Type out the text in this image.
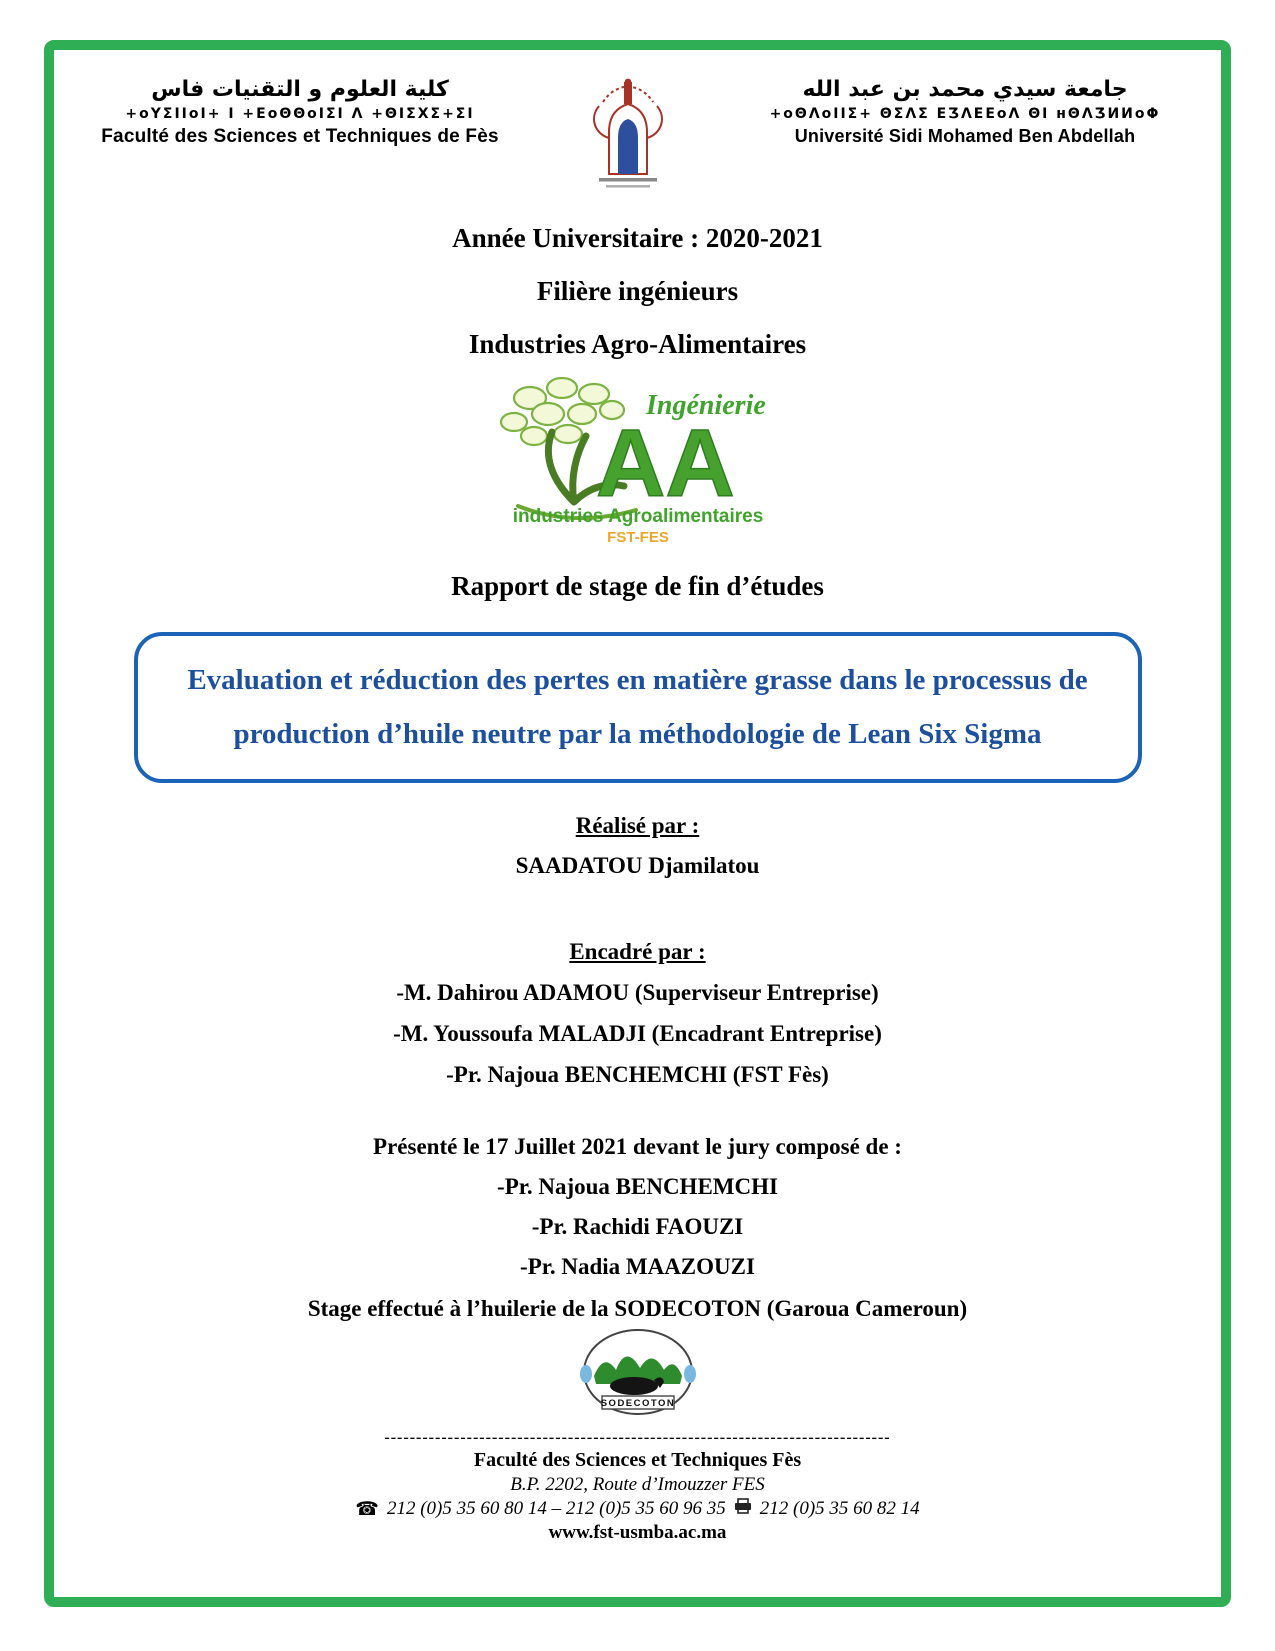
كلية العلوم و التقنيات فاس
+oYΣIIoI+ I +EoΘΘoIΣI Λ +ΘIΣXΣ+ΣI
Faculté des Sciences et Techniques de Fès
جامعة سيدي محمد بن عبد الله
+oΘΛoIIΣ+ ΘΣΛΣ EƷΛEEoΛ ΘI ʜΘΛƷИИoΦ
Université Sidi Mohamed Ben Abdellah
Année Universitaire : 2020-2021
Filière ingénieurs
Industries Agro-Alimentaires
Ingénierie
AA
industries Agroalimentaires
FST-FES
Rapport de stage de fin d’études
Evaluation et réduction des pertes en matière grasse dans le processus de production d’huile neutre par la méthodologie de Lean Six Sigma
Réalisé par :
SAADATOU Djamilatou
Encadré par :
-M. Dahirou ADAMOU (Superviseur Entreprise)
-M. Youssoufa MALADJI (Encadrant Entreprise)
-Pr. Najoua BENCHEMCHI (FST Fès)
Présenté le 17 Juillet 2021 devant le jury composé de :
-Pr. Najoua BENCHEMCHI
-Pr. Rachidi FAOUZI
-Pr. Nadia MAAZOUZI
Stage effectué à l’huilerie de la SODECOTON (Garoua Cameroun)
SODECOTON
--------------------------------------------------------------------------------
Faculté des Sciences et Techniques Fès
B.P. 2202, Route d’Imouzzer FES
☎ 212 (0)5 35 60 80 14 – 212 (0)5 35 60 96 35 212 (0)5 35 60 82 14
www.fst-usmba.ac.ma
